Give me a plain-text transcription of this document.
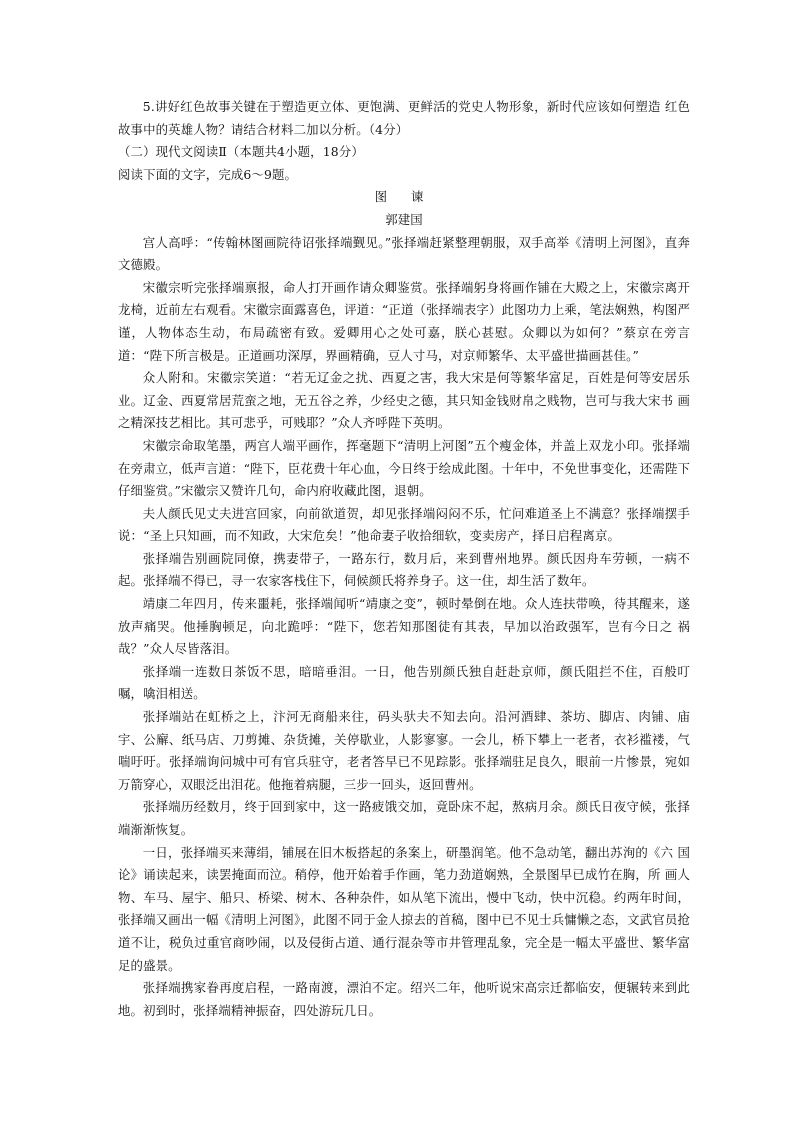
5.讲好红色故事关键在于塑造更立体、更饱满、更鲜活的党史人物形象，新时代应该如何塑造 红色故事中的英雄人物？请结合材料二加以分析。（4分）

（二）现代文阅读Ⅱ（本题共4小题，18分）

阅读下面的文字，完成6～9题。

图 谏

郭建国

宫人高呼：“传翰林图画院待诏张择端觐见。”张择端赶紧整理朝服，双手高举《清明上河图》，直奔文德殿。

宋徽宗听完张择端禀报，命人打开画作请众卿鉴赏。张择端躬身将画作铺在大殿之上，宋徽宗离开龙椅，近前左右观看。宋徽宗面露喜色，评道：“正道（张择端表字）此图功力上乘，笔法娴熟，构图严谨，人物体态生动，布局疏密有致。爱卿用心之处可嘉，朕心甚慰。众卿以为如何？”蔡京在旁言道：“陛下所言极是。正道画功深厚，界画精确，豆人寸马，对京师繁华、太平盛世描画甚佳。”

众人附和。宋徽宗笑道：“若无辽金之扰、西夏之害，我大宋是何等繁华富足，百姓是何等安居乐业。辽金、西夏常居荒蛮之地，无五谷之养，少经史之德，其只知金钱财帛之贱物，岂可与我大宋书 画之精深技艺相比。其可悲乎，可贱耶？”众人齐呼陛下英明。

宋徽宗命取笔墨，两宫人端平画作，挥毫题下“清明上河图”五个瘦金体，并盖上双龙小印。张择端在旁肃立，低声言道：“陛下，臣花费十年心血，今日终于绘成此图。十年中，不免世事变化，还需陛下仔细鉴赏。”宋徽宗又赞许几句，命内府收藏此图，退朝。

夫人颜氏见丈夫进宫回家，向前欲道贺，却见张择端闷闷不乐，忙问难道圣上不满意？张择端摆手说：“圣上只知画，而不知政，大宋危矣！”他命妻子收拾细软，变卖房产，择日启程离京。

张择端告别画院同僚，携妻带子，一路东行，数月后，来到曹州地界。颜氏因舟车劳顿，一病不起。张择端不得已，寻一农家客栈住下，伺候颜氏将养身子。这一住，却生活了数年。

靖康二年四月，传来噩耗，张择端闻听“靖康之变”，顿时晕倒在地。众人连扶带唤，待其醒来，遂放声痛哭。他捶胸顿足，向北跪呼：“陛下，您若知那图徒有其表，早加以治政强军，岂有今日之 祸哉？”众人尽皆落泪。

张择端一连数日茶饭不思，暗暗垂泪。一日，他告别颜氏独自赶赴京师，颜氏阻拦不住，百般叮嘱，噙泪相送。

张择端站在虹桥之上，汴河无商船来往，码头驮夫不知去向。沿河酒肆、茶坊、脚店、肉铺、庙宇、公廨、纸马店、刀剪摊、杂货摊，关停歇业，人影寥寥。一会儿，桥下攀上一老者，衣衫褴褛，气喘吁吁。张择端询问城中可有官兵驻守，老者答早已不见踪影。张择端驻足良久，眼前一片惨景，宛如万箭穿心，双眼泛出泪花。他拖着病腿，三步一回头，返回曹州。

张择端历经数月，终于回到家中，这一路疲饿交加，竟卧床不起，熬病月余。颜氏日夜守候，张择端渐渐恢复。

一日，张择端买来薄绢，铺展在旧木板搭起的条案上，研墨润笔。他不急动笔，翻出苏洵的《六 国论》诵读起来，读罢掩面而泣。稍停，他开始着手作画，笔力劲道娴熟，全景图早已成竹在胸，所 画人物、车马、屋宇、船只、桥梁、树木、各种杂件，如从笔下流出，慢中飞动，快中沉稳。约两年时间，张择端又画出一幅《清明上河图》，此图不同于金人掠去的首稿，图中已不见士兵慵懒之态，文武官员抢道不让，税负过重官商吵闹，以及侵街占道、通行混杂等市井管理乱象，完全是一幅太平盛世、繁华富足的盛景。

张择端携家眷再度启程，一路南渡，漂泊不定。绍兴二年，他听说宋高宗迁都临安，便辗转来到此地。初到时，张择端精神振奋，四处游玩几日。
